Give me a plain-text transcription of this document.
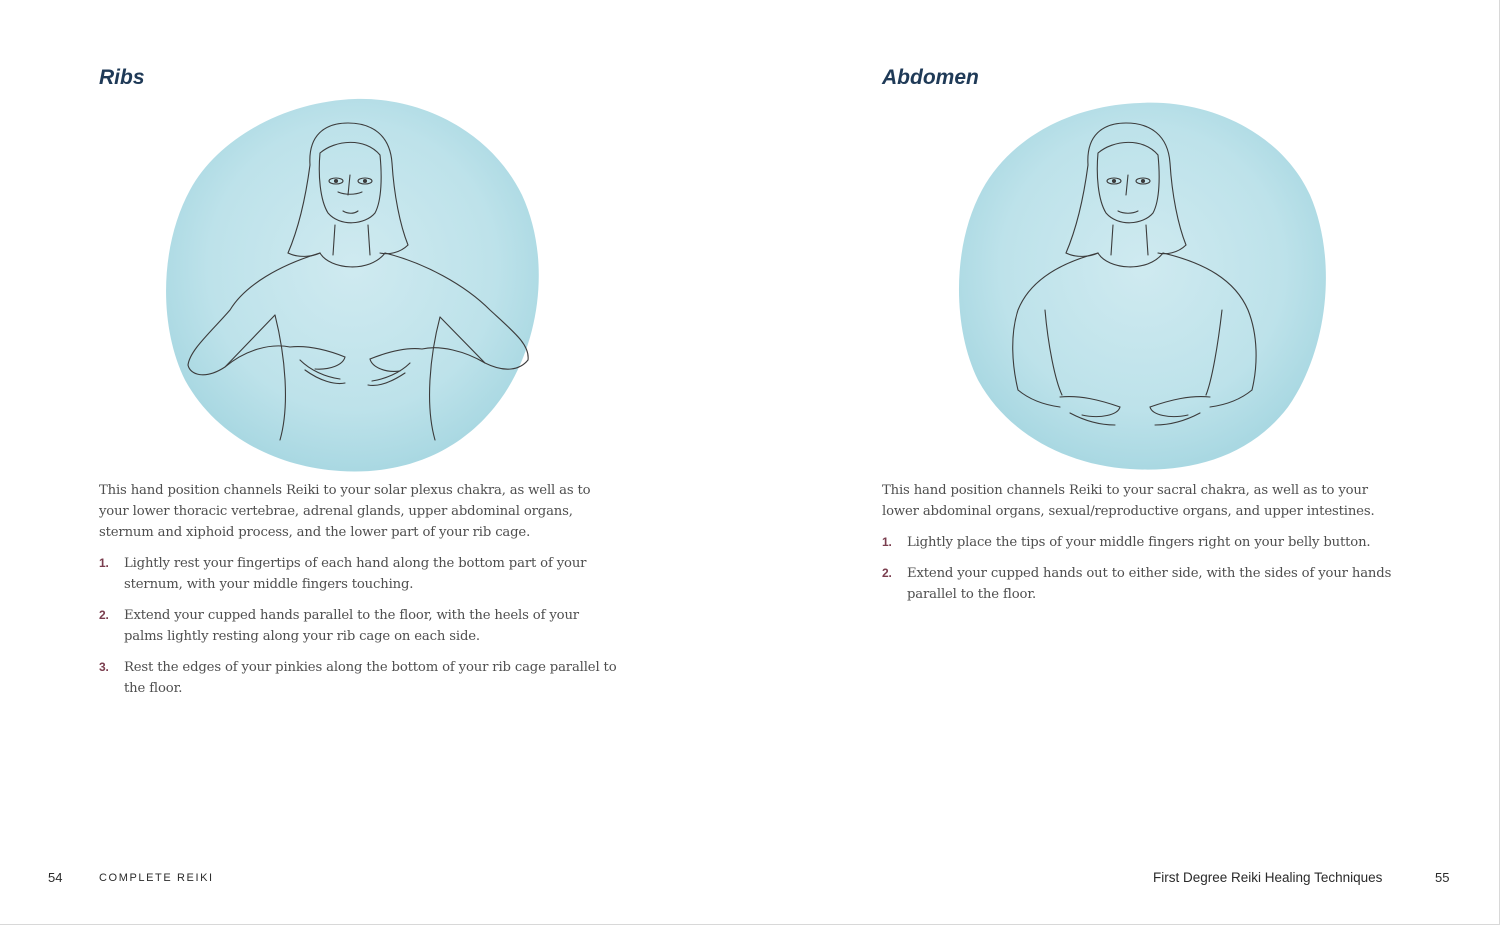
Ribs

This hand position channels Reiki to your solar plexus chakra, as well as to your lower thoracic vertebrae, adrenal glands, upper abdominal organs, sternum and xiphoid process, and the lower part of your rib cage.

1. Lightly rest your fingertips of each hand along the bottom part of your sternum, with your middle fingers touching.
2. Extend your cupped hands parallel to the floor, with the heels of your palms lightly resting along your rib cage on each side.
3. Rest the edges of your pinkies along the bottom of your rib cage parallel to the floor.
54	COMPLETE REIKI
Abdomen

This hand position channels Reiki to your sacral chakra, as well as to your lower abdominal organs, sexual/reproductive organs, and upper intestines.

1. Lightly place the tips of your middle fingers right on your belly button.
2. Extend your cupped hands out to either side, with the sides of your hands parallel to the floor.
First Degree Reiki Healing Techniques	55
